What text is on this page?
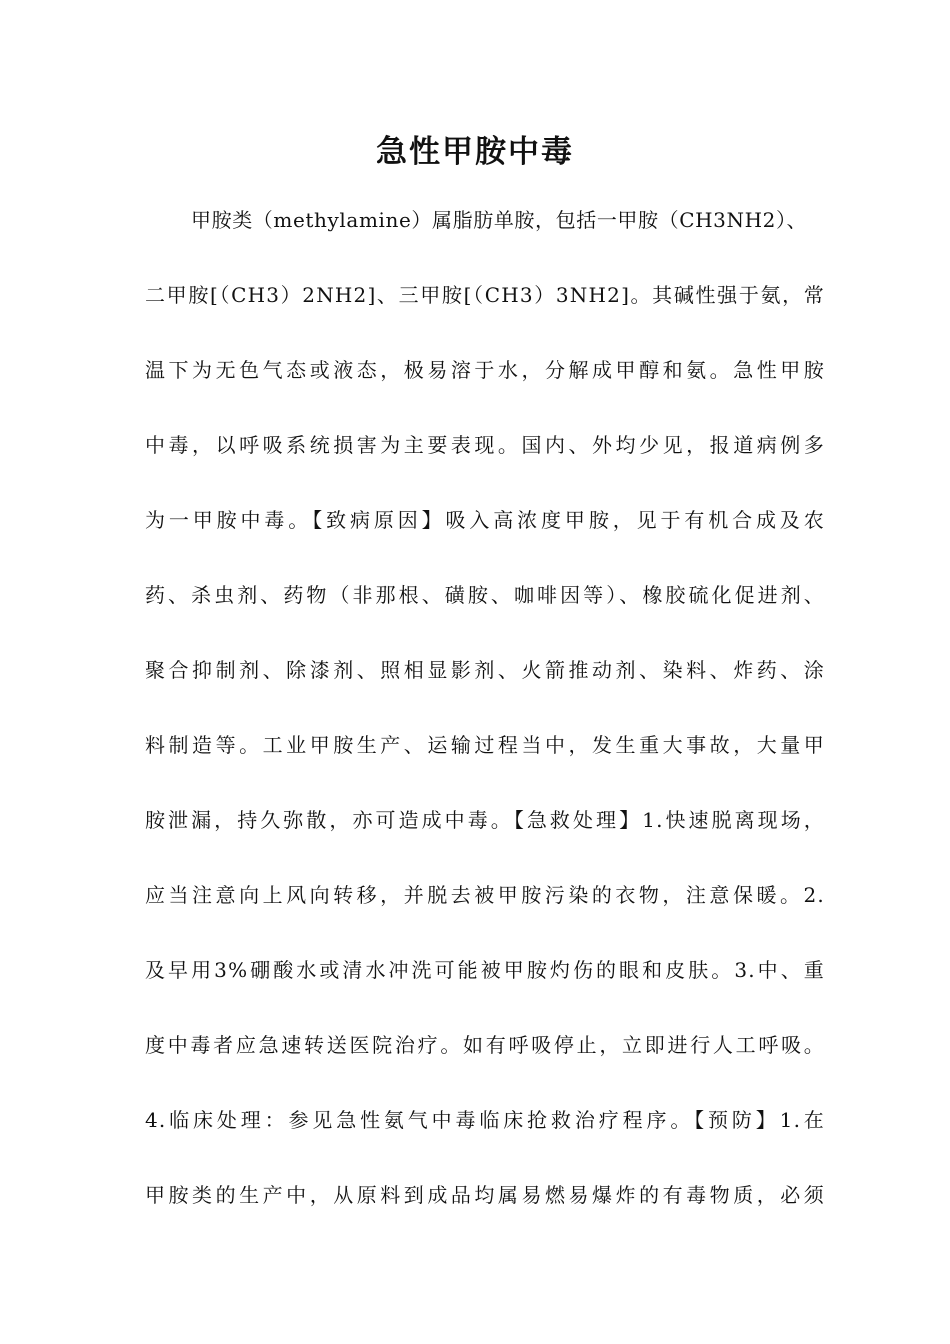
急性甲胺中毒
甲胺类（methylamine）属脂肪单胺，包括一甲胺（CH3NH2）、
二甲胺[（CH3）2NH2]、三甲胺[（CH3）3NH2]。其碱性强于氨，常
温下为无色气态或液态，极易溶于水，分解成甲醇和氨。急性甲胺
中毒，以呼吸系统损害为主要表现。国内、外均少见，报道病例多
为一甲胺中毒。【致病原因】吸入高浓度甲胺，见于有机合成及农
药、杀虫剂、药物（非那根、磺胺、咖啡因等）、橡胶硫化促进剂、
聚合抑制剂、除漆剂、照相显影剂、火箭推动剂、染料、炸药、涂
料制造等。工业甲胺生产、运输过程当中，发生重大事故，大量甲
胺泄漏，持久弥散，亦可造成中毒。【急救处理】1.快速脱离现场，
应当注意向上风向转移，并脱去被甲胺污染的衣物，注意保暖。2.
及早用3%硼酸水或清水冲洗可能被甲胺灼伤的眼和皮肤。3.中、重
度中毒者应急速转送医院治疗。如有呼吸停止，立即进行人工呼吸。
4.临床处理：参见急性氨气中毒临床抢救治疗程序。【预防】1.在
甲胺类的生产中，从原料到成品均属易燃易爆炸的有毒物质，必须
